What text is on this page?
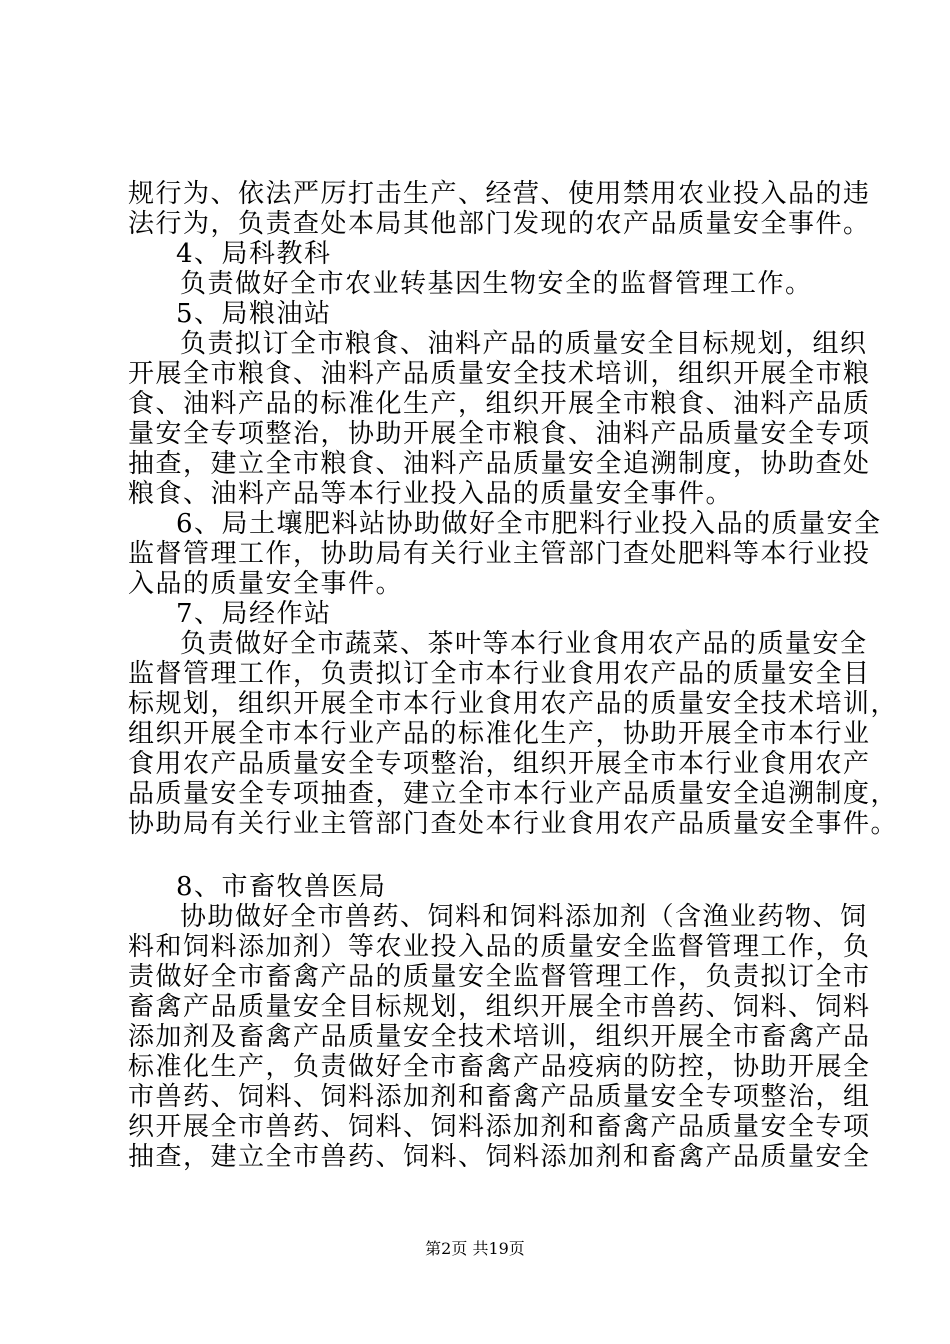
规行为、依法严厉打击生产、经营、使用禁用农业投入品的违
法行为，负责查处本局其他部门发现的农产品质量安全事件。
4、局科教科
负责做好全市农业转基因生物安全的监督管理工作。
5、局粮油站
负责拟订全市粮食、油料产品的质量安全目标规划，组织
开展全市粮食、油料产品质量安全技术培训，组织开展全市粮
食、油料产品的标准化生产，组织开展全市粮食、油料产品质
量安全专项整治，协助开展全市粮食、油料产品质量安全专项
抽查，建立全市粮食、油料产品质量安全追溯制度，协助查处
粮食、油料产品等本行业投入品的质量安全事件。
6、局土壤肥料站协助做好全市肥料行业投入品的质量安全
监督管理工作，协助局有关行业主管部门查处肥料等本行业投
入品的质量安全事件。
7、局经作站
负责做好全市蔬菜、茶叶等本行业食用农产品的质量安全
监督管理工作，负责拟订全市本行业食用农产品的质量安全目
标规划，组织开展全市本行业食用农产品的质量安全技术培训，
组织开展全市本行业产品的标准化生产，协助开展全市本行业
食用农产品质量安全专项整治，组织开展全市本行业食用农产
品质量安全专项抽查，建立全市本行业产品质量安全追溯制度，
协助局有关行业主管部门查处本行业食用农产品质量安全事件。
8、市畜牧兽医局
协助做好全市兽药、饲料和饲料添加剂（含渔业药物、饲
料和饲料添加剂）等农业投入品的质量安全监督管理工作，负
责做好全市畜禽产品的质量安全监督管理工作，负责拟订全市
畜禽产品质量安全目标规划，组织开展全市兽药、饲料、饲料
添加剂及畜禽产品质量安全技术培训，组织开展全市畜禽产品
标准化生产，负责做好全市畜禽产品疫病的防控，协助开展全
市兽药、饲料、饲料添加剂和畜禽产品质量安全专项整治，组
织开展全市兽药、饲料、饲料添加剂和畜禽产品质量安全专项
抽查，建立全市兽药、饲料、饲料添加剂和畜禽产品质量安全
第2页 共19页
